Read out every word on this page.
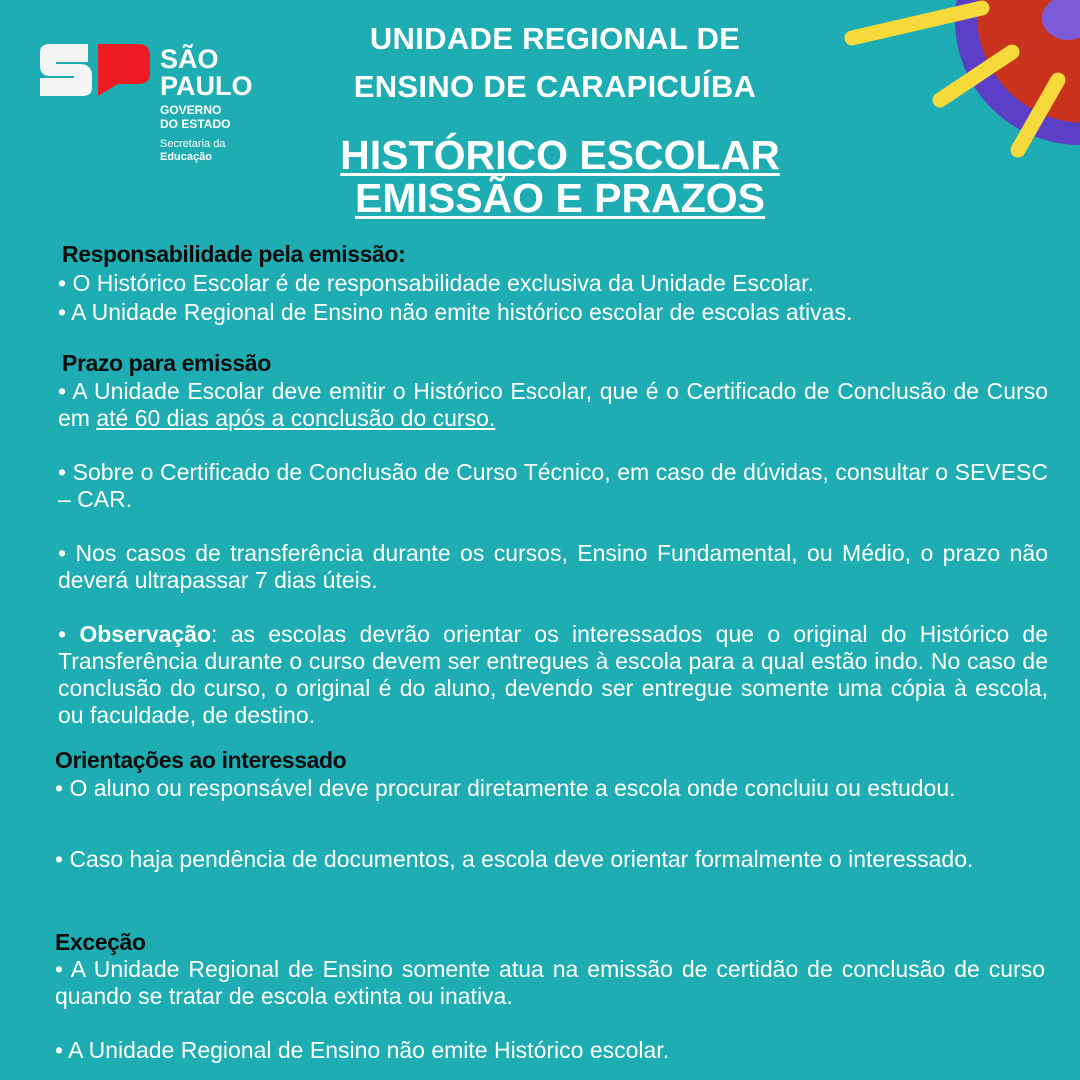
SÃO
PAULO
GOVERNO
DO ESTADO
Secretaria da
Educação
UNIDADE REGIONAL DE
ENSINO DE CARAPICUÍBA
HISTÓRICO ESCOLAR
EMISSÃO E PRAZOS
Responsabilidade pela emissão:
• O Histórico Escolar é de responsabilidade exclusiva da Unidade Escolar.
• A Unidade Regional de Ensino não emite histórico escolar de escolas ativas.
Prazo para emissão
• A Unidade Escolar deve emitir o Histórico Escolar, que é o Certificado de Conclusão de Curso em até 60 dias após a conclusão do curso.
• Sobre o Certificado de Conclusão de Curso Técnico, em caso de dúvidas, consultar o SEVESC – CAR.
• Nos casos de transferência durante os cursos, Ensino Fundamental, ou Médio, o prazo não deverá ultrapassar 7 dias úteis.
• Observação: as escolas devrão orientar os interessados que o original do Histórico de Transferência durante o curso devem ser entregues à escola para a qual estão indo. No caso de conclusão do curso, o original é do aluno, devendo ser entregue somente uma cópia à escola, ou faculdade, de destino.
Orientações ao interessado
• O aluno ou responsável deve procurar diretamente a escola onde concluiu ou estudou.
• Caso haja pendência de documentos, a escola deve orientar formalmente o interessado.
Exceção
• A Unidade Regional de Ensino somente atua na emissão de certidão de conclusão de curso quando se tratar de escola extinta ou inativa.
• A Unidade Regional de Ensino não emite Histórico escolar.
